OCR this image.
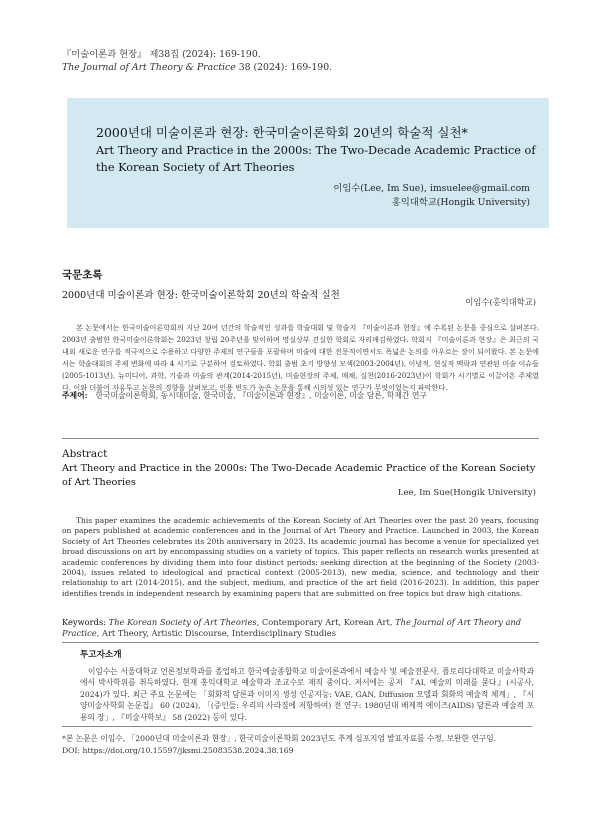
『미술이론과 현장』 제38집 (2024): 169-190.
The Journal of Art Theory & Practice 38 (2024): 169-190.
2000년대 미술이론과 현장: 한국미술이론학회 20년의 학술적 실천*
Art Theory and Practice in the 2000s: The Two-Decade Academic Practice of the Korean Society of Art Theories
이임수(Lee, Im Sue), imsuelee@gmail.com
홍익대학교(Hongik University)
국문초록
2000년대 미술이론과 현장: 한국미술이론학회 20년의 학술적 실천
이임수(홍익대학교)
본 논문에서는 한국미술이론학회의 지난 20여 년간의 학술적인 성과를 학술대회 및 학술지 『미술이론과 현장』에 수록된 논문을 중심으로 살펴본다. 2003년 출범한 한국미술이론학회는 2023년 창립 20주년을 맞이하며 명실상부 견실한 학회로 자리매김하였다. 학회지 『미술이론과 현장』은 최근의 국내외 새로운 연구를 적극적으로 수용하고 다양한 주제의 연구들을 포괄하며 미술에 대한 전문적이면서도 폭넓은 논의를 아우르는 장이 되어왔다. 본 논문에서는 학술대회의 주제 변화에 따라 4 시기로 구분하여 검토하였다. 학회 출범 초기 방향성 모색(2003-2004년), 이념적, 현실적 맥락과 연관된 미술 이슈들(2005-1013년), 뉴미디어, 과학, 기술과 미술의 관계(2014-2015년), 미술현장의 주체, 매체, 실천(2016-2023년)이 학회가 시기별로 이끌어온 주제였다. 이와 더불어 자유투고 논문의 경향을 살펴보고, 인용 빈도가 높은 논문을 통해 시의성 있는 연구가 무엇이었는지 파악한다.
주제어: 한국미술이론학회, 동시대미술, 한국미술, 『미술이론과 현장』, 미술이론, 미술 담론, 학제간 연구
Abstract
Art Theory and Practice in the 2000s: The Two-Decade Academic Practice of the Korean Society of Art Theories
Lee, Im Sue(Hongik University)
This paper examines the academic achievements of the Korean Society of Art Theories over the past 20 years, focusing on papers published at academic conferences and in the Journal of Art Theory and Practice. Launched in 2003, the Korean Society of Art Theories celebrates its 20th anniversary in 2023. Its academic journal has become a venue for specialized yet broad discussions on art by encompassing studies on a variety of topics. This paper reflects on research works presented at academic conferences by dividing them into four distinct periods: seeking direction at the beginning of the Society (2003-2004), issues related to ideological and practical context (2005-2013), new media, science, and technology and their relationship to art (2014-2015), and the subject, medium, and practice of the art field (2016-2023). In addition, this paper identifies trends in independent research by examining papers that are submitted on free topics but draw high citations.
Keywords: The Korean Society of Art Theories, Contemporary Art, Korean Art, The Journal of Art Theory and Practice, Art Theory, Artistic Discourse, Interdisciplinary Studies
투고자소개
이임수는 서울대학교 언론정보학과를 졸업하고 한국예술종합학교 미술이론과에서 예술사 및 예술전문사, 플로리다대학교 미술사학과에서 박사학위를 취득하였다. 현재 홍익대학교 예술학과 조교수로 재직 중이다. 저서에는 공저 『AI, 예술의 미래를 묻다』(시공사, 2024)가 있다. 최근 주요 논문에는 「회화적 담론과 이미지 생성 인공지능: VAE, GAN, Diffusion 모델과 회화의 예술적 체계」, 『서양미술사학회 논문집』 60 (2024), 「(증인들: 우리의 사라짐에 저항하여) 전 연구: 1980년대 배제적 에이즈(AIDS) 담론과 예술적 포용의 장」, 『미술사학보』 58 (2022) 등이 있다.
*본 논문은 이임수, 「2000년대 미술이론과 현장」, 한국미술이론학회 2023년도 추계 심포지엄 발표자료를 수정, 보완한 연구임.
DOI: https://doi.org/10.15597/jksmi.25083538.2024.38.169
